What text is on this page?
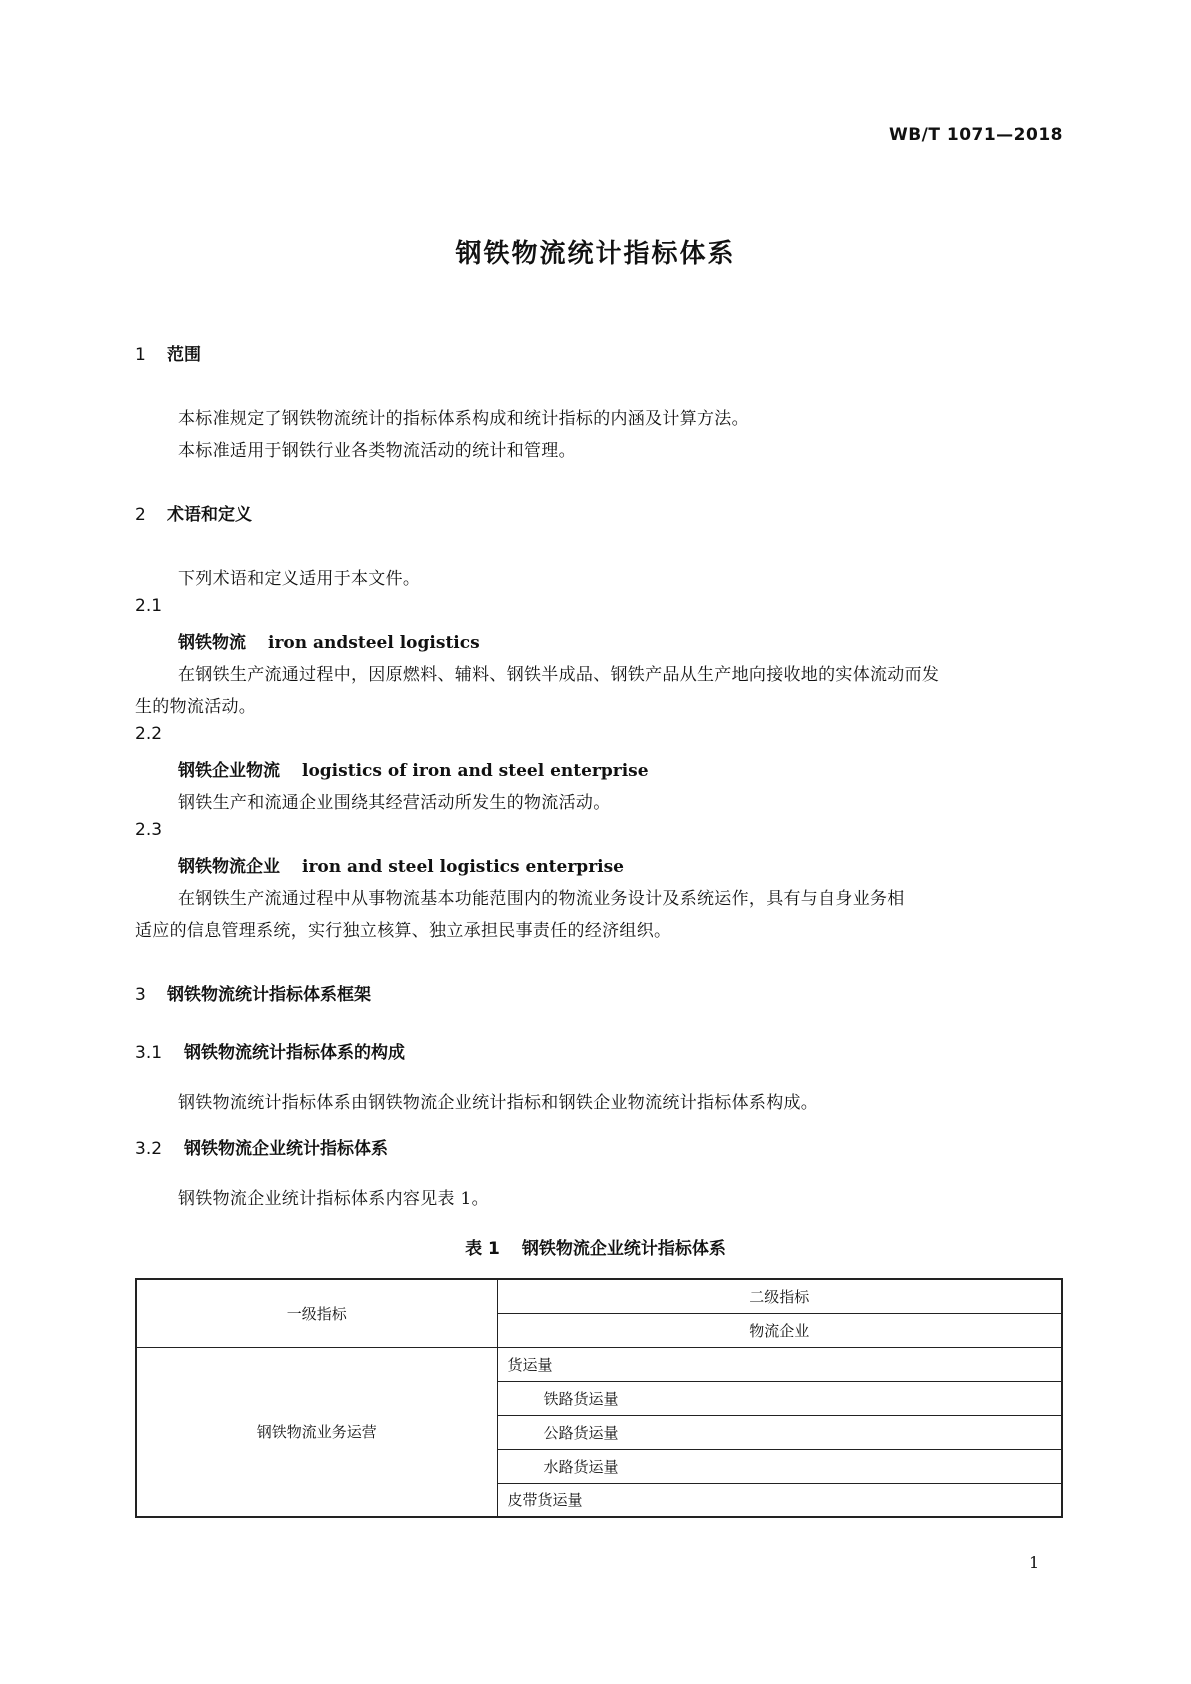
WB/T 1071—2018
钢铁物流统计指标体系
1 范围
本标准规定了钢铁物流统计的指标体系构成和统计指标的内涵及计算方法。
本标准适用于钢铁行业各类物流活动的统计和管理。
2 术语和定义
下列术语和定义适用于本文件。
2.1
钢铁物流 iron andsteel logistics
在钢铁生产流通过程中，因原燃料、辅料、钢铁半成品、钢铁产品从生产地向接收地的实体流动而发
生的物流活动。
2.2
钢铁企业物流 logistics of iron and steel enterprise
钢铁生产和流通企业围绕其经营活动所发生的物流活动。
2.3
钢铁物流企业 iron and steel logistics enterprise
在钢铁生产流通过程中从事物流基本功能范围内的物流业务设计及系统运作，具有与自身业务相
适应的信息管理系统，实行独立核算、独立承担民事责任的经济组织。
3 钢铁物流统计指标体系框架
3.1 钢铁物流统计指标体系的构成
钢铁物流统计指标体系由钢铁物流企业统计指标和钢铁企业物流统计指标体系构成。
3.2 钢铁物流企业统计指标体系
钢铁物流企业统计指标体系内容见表 1。
表 1 钢铁物流企业统计指标体系
一级指标	二级指标
	物流企业
钢铁物流业务运营	货运量
	铁路货运量
	公路货运量
	水路货运量
	皮带货运量
1
